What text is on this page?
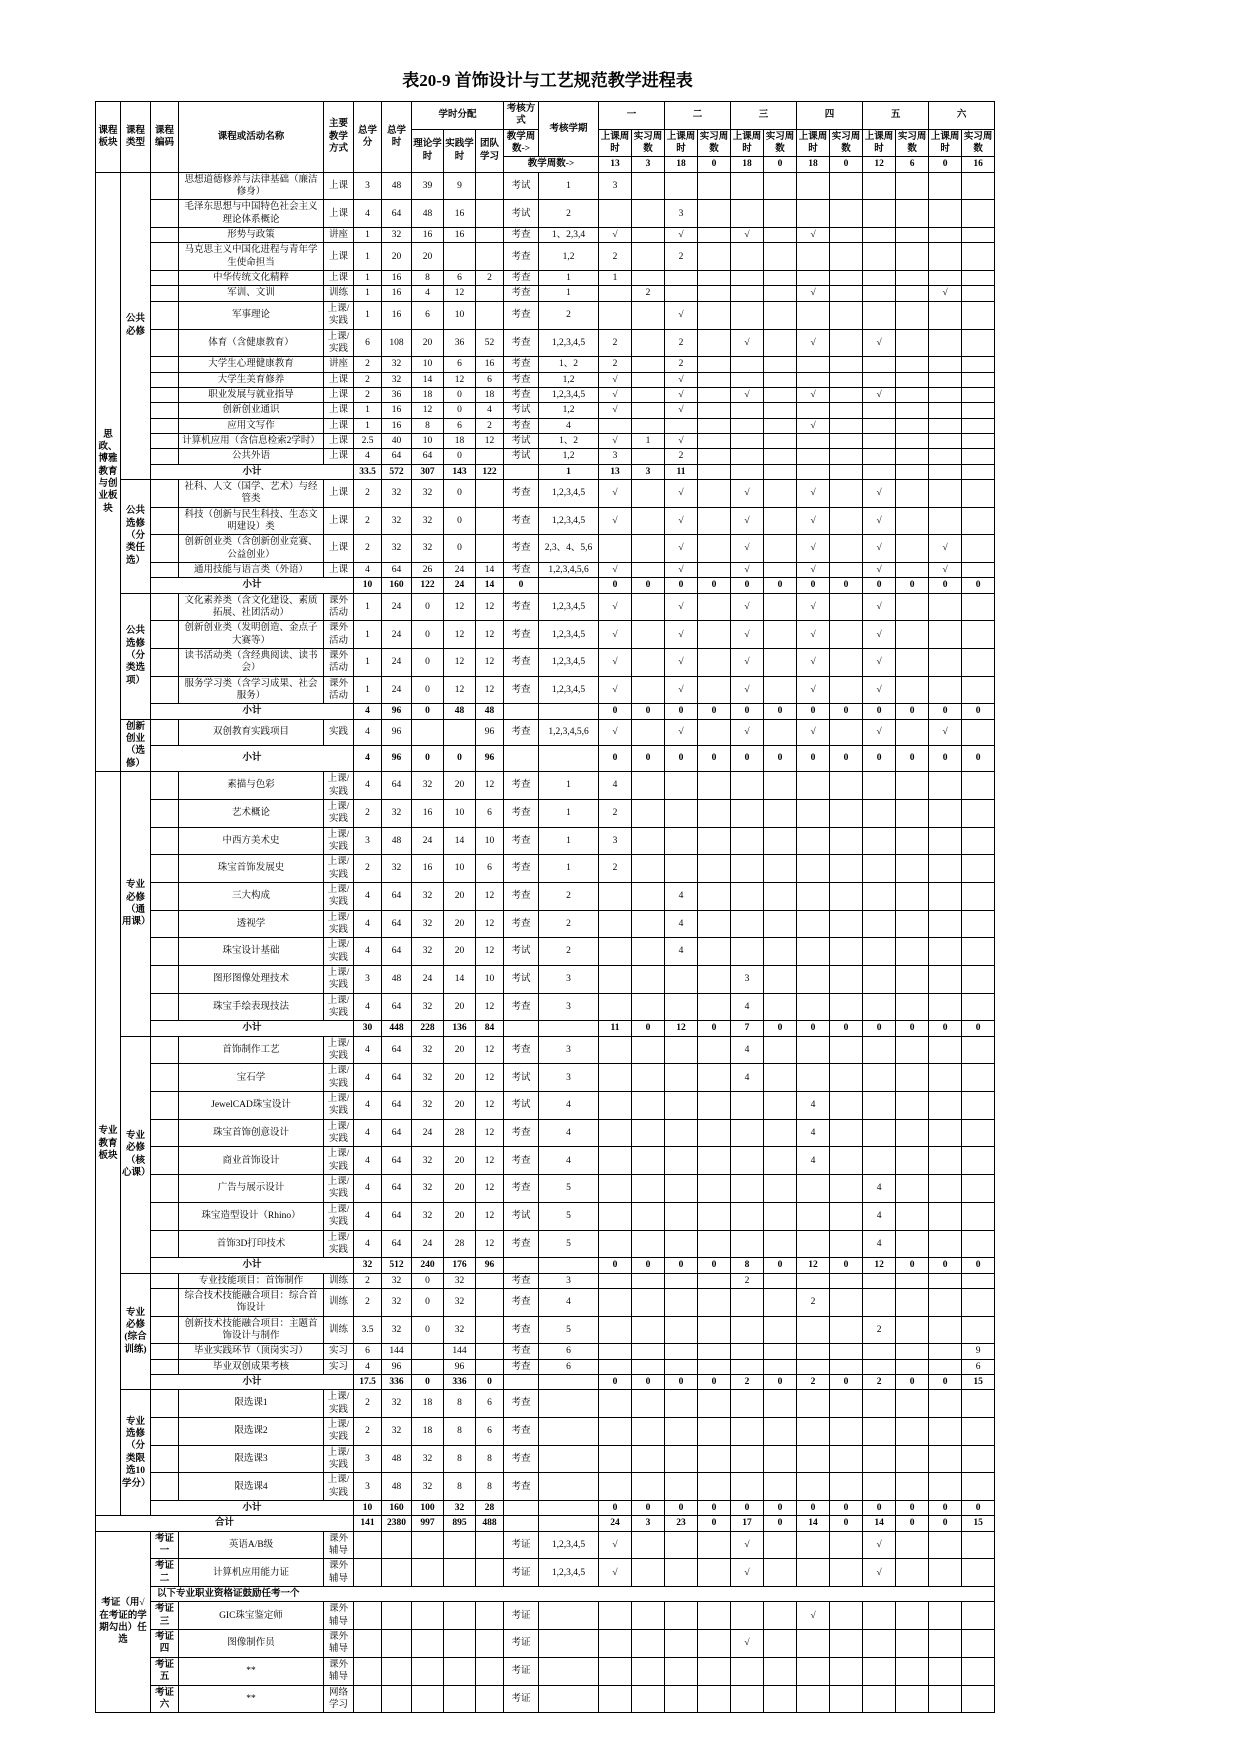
表20-9 首饰设计与工艺规范教学进程表
课程板块	课程类型	课程编码	课程或活动名称	主要教学方式	总学分	总学时	学时分配			考核方式	考核学期	一		二		三		四		五		六	
							理论学时	实践学时	团队学习	教学周数->		上课周时	实习周数	上课周时	实习周数	上课周时	实习周数	上课周时	实习周数	上课周时	实习周数	上课周时	实习周数
										教学周数->		13	3	18	0	18	0	18	0	12	6	0	16
思政、博雅教育与创业板块	公共必修		思想道德修养与法律基础（廉洁修身）	上课	3	48	39	9		考试	1	3											
			毛泽东思想与中国特色社会主义理论体系概论	上课	4	64	48	16		考试	2			3									
			形势与政策	讲座	1	32	16	16		考查	1、2,3,4	√		√		√		√					
			马克思主义中国化进程与青年学生使命担当	上课	1	20	20			考查	1,2	2		2									
			中华传统文化精粹	上课	1	16	8	6	2	考查	1	1											
			军训、文训	训练	1	16	4	12		考查	1		2					√				√	
			军事理论	上课/实践	1	16	6	10		考查	2			√									
			体育（含健康教育）	上课/实践	6	108	20	36	52	考查	1,2,3,4,5	2		2		√		√		√			
			大学生心理健康教育	讲座	2	32	10	6	16	考查	1、2	2		2									
			大学生美育修养	上课	2	32	14	12	6	考查	1,2	√		√									
			职业发展与就业指导	上课	2	36	18	0	18	考查	1,2,3,4,5	√		√		√		√		√			
			创新创业通识	上课	1	16	12	0	4	考试	1,2	√		√									
			应用文写作	上课	1	16	8	6	2	考查	4							√					
			计算机应用（含信息检索2学时）	上课	2.5	40	10	18	12	考试	1、2	√	1	√									
			公共外语	上课	4	64	64	0		考试	1,2	3		2									
		小计			33.5	572	307	143	122		1	13	3	11									
	公共选修（分类任选）		社科、人文（国学、艺术）与经管类	上课	2	32	32	0		考查	1,2,3,4,5	√		√		√		√		√			
			科技（创新与民生科技、生态文明建设）类	上课	2	32	32	0		考查	1,2,3,4,5	√		√		√		√		√			
			创新创业类（含创新创业竞赛、公益创业）	上课	2	32	32	0		考查	2,3、4、5,6			√		√		√		√		√	
			通用技能与语言类（外语）	上课	4	64	26	24	14	考查	1,2,3,4,5,6	√		√		√		√		√		√	
		小计			10	160	122	24	14	0		0	0	0	0	0	0	0	0	0	0	0	0
	公共选修（分类选项）		文化素养类（含文化建设、素质拓展、社团活动）	课外活动	1	24	0	12	12	考查	1,2,3,4,5	√		√		√		√		√			
			创新创业类（发明创造、金点子大赛等）	课外活动	1	24	0	12	12	考查	1,2,3,4,5	√		√		√		√		√			
			读书活动类（含经典阅读、读书会）	课外活动	1	24	0	12	12	考查	1,2,3,4,5	√		√		√		√		√			
			服务学习类（含学习成果、社会服务）	课外活动	1	24	0	12	12	考查	1,2,3,4,5	√		√		√		√		√			
		小计			4	96	0	48	48			0	0	0	0	0	0	0	0	0	0	0	0
	创新创业（选修）		双创教育实践项目	实践	4	96			96	考查	1,2,3,4,5,6	√		√		√		√		√		√	
		小计			4	96	0	0	96			0	0	0	0	0	0	0	0	0	0	0	0
专业教育板块	专业必修（通用课）		素描与色彩	上课/实践	4	64	32	20	12	考查	1	4											
			艺术概论	上课/实践	2	32	16	10	6	考查	1	2											
			中西方美术史	上课/实践	3	48	24	14	10	考查	1	3											
			珠宝首饰发展史	上课/实践	2	32	16	10	6	考查	1	2											
			三大构成	上课/实践	4	64	32	20	12	考查	2			4									
			透视学	上课/实践	4	64	32	20	12	考查	2			4									
			珠宝设计基础	上课/实践	4	64	32	20	12	考试	2			4									
			图形图像处理技术	上课/实践	3	48	24	14	10	考试	3					3							
			珠宝手绘表现技法	上课/实践	4	64	32	20	12	考查	3					4							
		小计			30	448	228	136	84			11	0	12	0	7	0	0	0	0	0	0	0
	专业必修（核心课）		首饰制作工艺	上课/实践	4	64	32	20	12	考查	3					4							
			宝石学	上课/实践	4	64	32	20	12	考试	3					4							
			JewelCAD珠宝设计	上课/实践	4	64	32	20	12	考试	4							4					
			珠宝首饰创意设计	上课/实践	4	64	24	28	12	考查	4							4					
			商业首饰设计	上课/实践	4	64	32	20	12	考查	4							4					
			广告与展示设计	上课/实践	4	64	32	20	12	考查	5									4			
			珠宝造型设计（Rhino）	上课/实践	4	64	32	20	12	考试	5									4			
			首饰3D打印技术	上课/实践	4	64	24	28	12	考查	5									4			
		小计			32	512	240	176	96			0	0	0	0	8	0	12	0	12	0	0	0
	专业必修(综合训练)		专业技能项目：首饰制作	训练	2	32	0	32		考查	3					2							
			综合技术技能融合项目：综合首饰设计	训练	2	32	0	32		考查	4							2					
			创新技术技能融合项目：主题首饰设计与制作	训练	3.5	32	0	32		考查	5									2			
			毕业实践环节（顶岗实习）	实习	6	144		144		考查	6												9
			毕业双创成果考核	实习	4	96		96		考查	6												6
		小计			17.5	336	0	336	0			0	0	0	0	2	0	2	0	2	0	0	15
	专业选修（分类限选10学分）		限选课1	上课/实践	2	32	18	8	6	考查													
			限选课2	上课/实践	2	32	18	8	6	考查													
			限选课3	上课/实践	3	48	32	8	8	考查													
			限选课4	上课/实践	3	48	32	8	8	考查													
		小计			10	160	100	32	28			0	0	0	0	0	0	0	0	0	0	0	0
合计					141	2380	997	895	488			24	3	23	0	17	0	14	0	14	0	0	15
考证（用√在考证的学期勾出）任选		考证一	英语A/B级	课外辅导						考证	1,2,3,4,5	√				√				√			
		考证二	计算机应用能力证	课外辅导						考证	1,2,3,4,5	√				√				√			
		以下专业职业资格证鼓励任考一个																					
		考证三	GIC珠宝鉴定师	课外辅导						考证								√					
		考证四	图像制作员	课外辅导						考证						√							
		考证五	**	课外辅导						考证													
		考证六	**	网络学习						考证													
